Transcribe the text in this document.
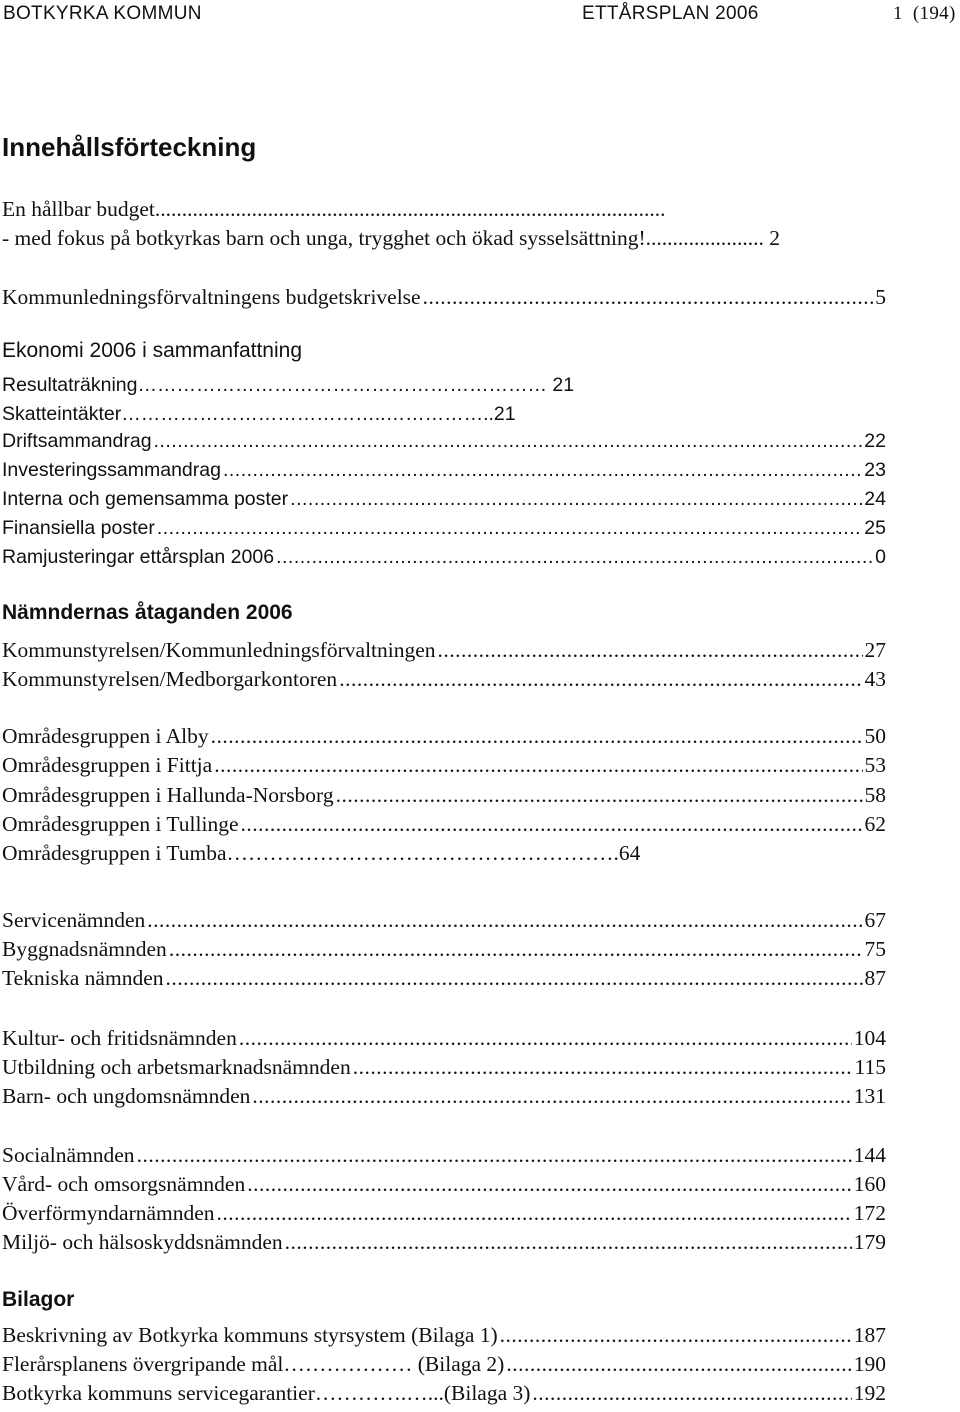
BOTKYRKA KOMMUN	ETTÅRSPLAN 2006	1 (194)
Innehållsförteckning
En hållbar budget...............................................................................................
- med fokus på botkyrkas barn och unga, trygghet och ökad sysselsättning!...................... 2
Kommunledningsförvaltningens budgetskrivelse .....	5
Ekonomi 2006 i sammanfattning
Resultaträkning……………………………………………………… 21
Skatteintäkter…………………………………..……………..21
Driftsammandrag .....	22
Investeringssammandrag .....	23
Interna och gemensamma poster .....	24
Finansiella poster .....	25
Ramjusteringar ettårsplan 2006 .....	0
Nämndernas åtaganden 2006
Kommunstyrelsen/Kommunledningsförvaltningen .....	27
Kommunstyrelsen/Medborgarkontoren .....	43
Områdesgruppen i Alby .....	50
Områdesgruppen i Fittja .....	53
Områdesgruppen i Hallunda-Norsborg .....	58
Områdesgruppen i Tullinge .....	62
Områdesgruppen i Tumba……………………………………………….64
Servicenämnden .....	67
Byggnadsnämnden .....	75
Tekniska nämnden .....	87
Kultur- och fritidsnämnden .....	104
Utbildning och arbetsmarknadsnämnden .....	115
Barn- och ungdomsnämnden .....	131
Socialnämnden .....	144
Vård- och omsorgsnämnden .....	160
Överförmyndarnämnden .....	172
Miljö- och hälsoskyddsnämnden .....	179
Bilagor
Beskrivning av Botkyrka kommuns styrsystem (Bilaga 1) .....	187
Flerårsplanens övergripande mål……………… (Bilaga 2) .....	190
Botkyrka kommuns servicegarantier………….…...(Bilaga 3) .....	192
